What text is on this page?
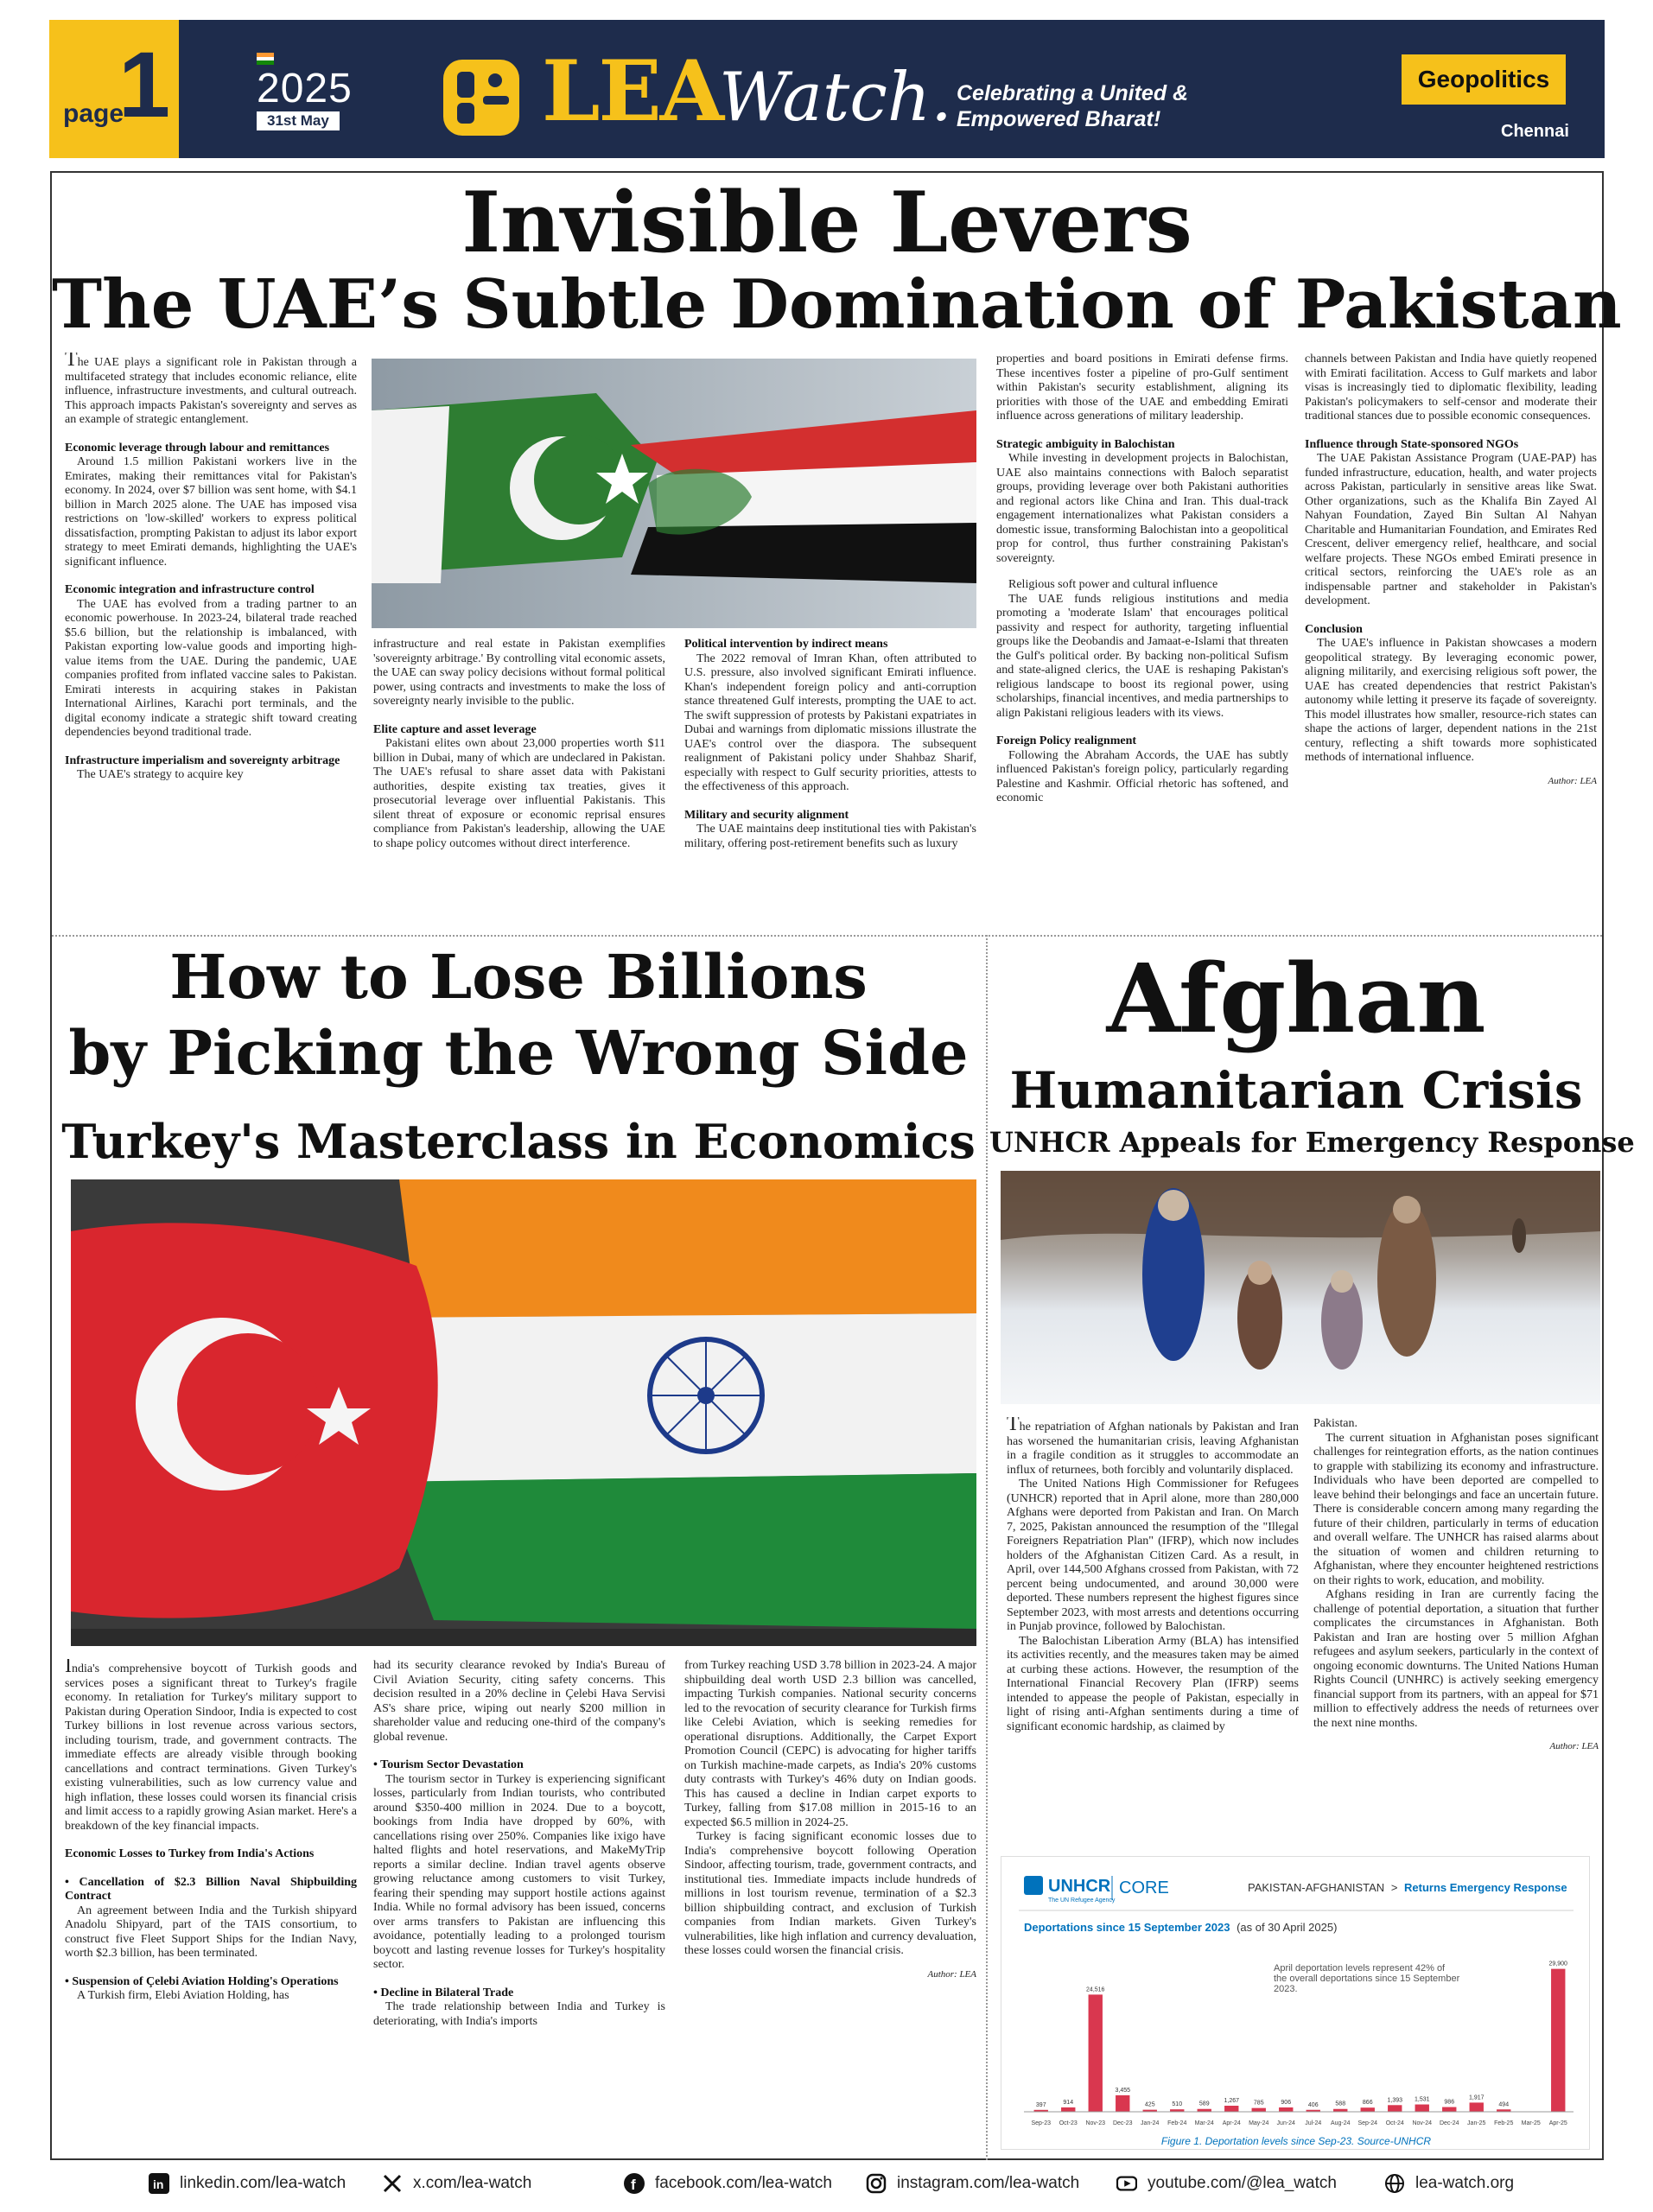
page
1 2025
31st May	LEA
Watch. Celebrating a United & Empowered Bharat!
Geopolitics
Chennai
Invisible Levers
The UAE’s Subtle Domination of Pakistan

The UAE plays a significant role in Pakistan through a multifaceted strategy that includes economic reliance, elite influence, infrastructure investments, and cultural outreach. This approach impacts Pakistan's sovereignty and serves as an example of strategic entanglement.

Economic leverage through labour and remittances

Around 1.5 million Pakistani workers live in the Emirates, making their remittances vital for Pakistan's economy. In 2024, over $7 billion was sent home, with $4.1 billion in March 2025 alone. The UAE has imposed visa restrictions on 'low-skilled' workers to express political dissatisfaction, prompting Pakistan to adjust its labor export strategy to meet Emirati demands, highlighting the UAE's significant influence.

Economic integration and infrastructure control

The UAE has evolved from a trading partner to an economic powerhouse. In 2023-24, bilateral trade reached $5.6 billion, but the relationship is imbalanced, with Pakistan exporting low-value goods and importing high-value items from the UAE. During the pandemic, UAE companies profited from inflated vaccine sales to Pakistan. Emirati interests in acquiring stakes in Pakistan International Airlines, Karachi port terminals, and the digital economy indicate a strategic shift toward creating dependencies beyond traditional trade.

Infrastructure imperialism and sovereignty arbitrage

The UAE's strategy to acquire key

infrastructure and real estate in Pakistan exemplifies 'sovereignty arbitrage.' By controlling vital economic assets, the UAE can sway policy decisions without formal political power, using contracts and investments to make the loss of sovereignty nearly invisible to the public.

Elite capture and asset leverage

Pakistani elites own about 23,000 properties worth $11 billion in Dubai, many of which are undeclared in Pakistan. The UAE's refusal to share asset data with Pakistani authorities, despite existing tax treaties, gives it prosecutorial leverage over influential Pakistanis. This silent threat of exposure or economic reprisal ensures compliance from Pakistan's leadership, allowing the UAE to shape policy outcomes without direct interference.

Political intervention by indirect means

The 2022 removal of Imran Khan, often attributed to U.S. pressure, also involved significant Emirati influence. Khan's independent foreign policy and anti-corruption stance threatened Gulf interests, prompting the UAE to act. The swift suppression of protests by Pakistani expatriates in Dubai and warnings from diplomatic missions illustrate the UAE's control over the diaspora. The subsequent realignment of Pakistani policy under Shahbaz Sharif, especially with respect to Gulf security priorities, attests to the effectiveness of this approach.

Military and security alignment

The UAE maintains deep institutional ties with Pakistan's military, offering post-retirement benefits such as luxury

properties and board positions in Emirati defense firms. These incentives foster a pipeline of pro-Gulf sentiment within Pakistan's security establishment, aligning its priorities with those of the UAE and embedding Emirati influence across generations of military leadership.

Strategic ambiguity in Balochistan

While investing in development projects in Balochistan, UAE also maintains connections with Baloch separatist groups, providing leverage over both Pakistani authorities and regional actors like China and Iran. This dual-track engagement internationalizes what Pakistan considers a domestic issue, transforming Balochistan into a geopolitical prop for control, thus further constraining Pakistan's sovereignty.

Religious soft power and cultural influence

The UAE funds religious institutions and media promoting a 'moderate Islam' that encourages political passivity and respect for authority, targeting influential groups like the Deobandis and Jamaat-e-Islami that threaten the Gulf's political order. By backing non-political Sufism and state-aligned clerics, the UAE is reshaping Pakistan's religious landscape to boost its regional power, using scholarships, financial incentives, and media partnerships to align Pakistani religious leaders with its views.

Foreign Policy realignment

Following the Abraham Accords, the UAE has subtly influenced Pakistan's foreign policy, particularly regarding Palestine and Kashmir. Official rhetoric has softened, and economic

channels between Pakistan and India have quietly reopened with Emirati facilitation. Access to Gulf markets and labor visas is increasingly tied to diplomatic flexibility, leading Pakistan's policymakers to self-censor and moderate their traditional stances due to possible economic consequences.

Influence through State-sponsored NGOs

The UAE Pakistan Assistance Program (UAE-PAP) has funded infrastructure, education, health, and water projects across Pakistan, particularly in sensitive areas like Swat. Other organizations, such as the Khalifa Bin Zayed Al Nahyan Foundation, Zayed Bin Sultan Al Nahyan Charitable and Humanitarian Foundation, and Emirates Red Crescent, deliver emergency relief, healthcare, and social welfare projects. These NGOs embed Emirati presence in critical sectors, reinforcing the UAE's role as an indispensable partner and stakeholder in Pakistan's development.

Conclusion

The UAE's influence in Pakistan showcases a modern geopolitical strategy. By leveraging economic power, aligning militarily, and exercising religious soft power, the UAE has created dependencies that restrict Pakistan's autonomy while letting it preserve its façade of sovereignty. This model illustrates how smaller, resource-rich states can shape the actions of larger, dependent nations in the 21st century, reflecting a shift towards more sophisticated methods of international influence.

Author: LEA
How to Lose Billions
by Picking the Wrong Side
Turkey's Masterclass in Economics

India's comprehensive boycott of Turkish goods and services poses a significant threat to Turkey's fragile economy. In retaliation for Turkey's military support to Pakistan during Operation Sindoor, India is expected to cost Turkey billions in lost revenue across various sectors, including tourism, trade, and government contracts. The immediate effects are already visible through booking cancellations and contract terminations. Given Turkey's existing vulnerabilities, such as low currency value and high inflation, these losses could worsen its financial crisis and limit access to a rapidly growing Asian market. Here's a breakdown of the key financial impacts.

Economic Losses to Turkey from India's Actions
• Cancellation of $2.3 Billion Naval Shipbuilding Contract

An agreement between India and the Turkish shipyard Anadolu Shipyard, part of the TAIS consortium, to construct five Fleet Support Ships for the Indian Navy, worth $2.3 billion, has been terminated.

• Suspension of Çelebi Aviation Holding's Operations

A Turkish firm, Elebi Aviation Holding, has

had its security clearance revoked by India's Bureau of Civil Aviation Security, citing safety concerns. This decision resulted in a 20% decline in Çelebi Hava Servisi AS's share price, wiping out nearly $200 million in shareholder value and reducing one-third of the company's global revenue.

• Tourism Sector Devastation

The tourism sector in Turkey is experiencing significant losses, particularly from Indian tourists, who contributed around $350-400 million in 2024. Due to a boycott, bookings from India have dropped by 60%, with cancellations rising over 250%. Companies like ixigo have halted flights and hotel reservations, and MakeMyTrip reports a similar decline. Indian travel agents observe growing reluctance among customers to visit Turkey, fearing their spending may support hostile actions against India. While no formal advisory has been issued, concerns over arms transfers to Pakistan are influencing this avoidance, potentially leading to a prolonged tourism boycott and lasting revenue losses for Turkey's hospitality sector.

• Decline in Bilateral Trade

The trade relationship between India and Turkey is deteriorating, with India's imports

from Turkey reaching USD 3.78 billion in 2023-24. A major shipbuilding deal worth USD 2.3 billion was cancelled, impacting Turkish companies. National security concerns led to the revocation of security clearance for Turkish firms like Celebi Aviation, which is seeking remedies for operational disruptions. Additionally, the Carpet Export Promotion Council (CEPC) is advocating for higher tariffs on Turkish machine-made carpets, as India's 20% customs duty contrasts with Turkey's 46% duty on Indian goods. This has caused a decline in Indian carpet exports to Turkey, falling from $17.08 million in 2015-16 to an expected $6.5 million in 2024-25.

Turkey is facing significant economic losses due to India's comprehensive boycott following Operation Sindoor, affecting tourism, trade, government contracts, and institutional ties. Immediate impacts include hundreds of millions in lost tourism revenue, termination of a $2.3 billion shipbuilding contract, and exclusion of Turkish companies from Indian markets. Given Turkey's vulnerabilities, like high inflation and currency devaluation, these losses could worsen the financial crisis.

Author: LEA
Afghan
Humanitarian Crisis
UNHCR Appeals for Emergency Response

The repatriation of Afghan nationals by Pakistan and Iran has worsened the humanitarian crisis, leaving Afghanistan in a fragile condition as it struggles to accommodate an influx of returnees, both forcibly and voluntarily displaced.

The United Nations High Commissioner for Refugees (UNHCR) reported that in April alone, more than 280,000 Afghans were deported from Pakistan and Iran. On March 7, 2025, Pakistan announced the resumption of the "Illegal Foreigners Repatriation Plan" (IFRP), which now includes holders of the Afghanistan Citizen Card. As a result, in April, over 144,500 Afghans crossed from Pakistan, with 72 percent being undocumented, and around 30,000 were deported. These numbers represent the highest figures since September 2023, with most arrests and detentions occurring in Punjab province, followed by Balochistan.

The Balochistan Liberation Army (BLA) has intensified its activities recently, and the measures taken may be aimed at curbing these actions. However, the resumption of the International Financial Recovery Plan (IFRP) seems intended to appease the people of Pakistan, especially in light of rising anti-Afghan sentiments during a time of significant economic hardship, as claimed by

Pakistan.

The current situation in Afghanistan poses significant challenges for reintegration efforts, as the nation continues to grapple with stabilizing its economy and infrastructure. Individuals who have been deported are compelled to leave behind their belongings and face an uncertain future. There is considerable concern among many regarding the future of their children, particularly in terms of education and overall welfare. The UNHCR has raised alarms about the situation of women and children returning to Afghanistan, where they encounter heightened restrictions on their rights to work, education, and mobility.

Afghans residing in Iran are currently facing the challenge of potential deportation, a situation that further complicates the circumstances in Afghanistan. Both Pakistan and Iran are hosting over 5 million Afghan refugees and asylum seekers, particularly in the context of ongoing economic downturns. The United Nations Human Rights Council (UNHRC) is actively seeking emergency financial support from its partners, with an appeal for $71 million to effectively address the needs of returnees over the next nine months.

Author: LEA
UNHCR
The UN Refugee Agency
CORE	PAKISTAN-AFGHANISTAN > Returns Emergency Response
Deportations since 15 September 2023 (as of 30 April 2025)
April deportation levels represent 42% of the overall deportations since 15 September 2023.
397	914
24,516
3,455
425	510	589
1,267 785	906	406	588	866 1,393 1,531 986
1,917
494
29,900
Sep-23 Oct-23 Nov-23 Dec-23 Jan-24 Feb-24 Mar-24 Apr-24 May-24 Jun-24 Jul-24 Aug-24 Sep-24 Oct-24 Nov-24 Dec-24 Jan-25 Feb-25 Mar-25 Apr-25
Figure 1. Deportation levels since Sep-23. Source-UNHCR
in linkedin.com/lea-watch	x.com/lea-watch	f facebook.com/lea-watch	instagram.com/lea-watch	youtube.com/@lea_watch	lea-watch.org
